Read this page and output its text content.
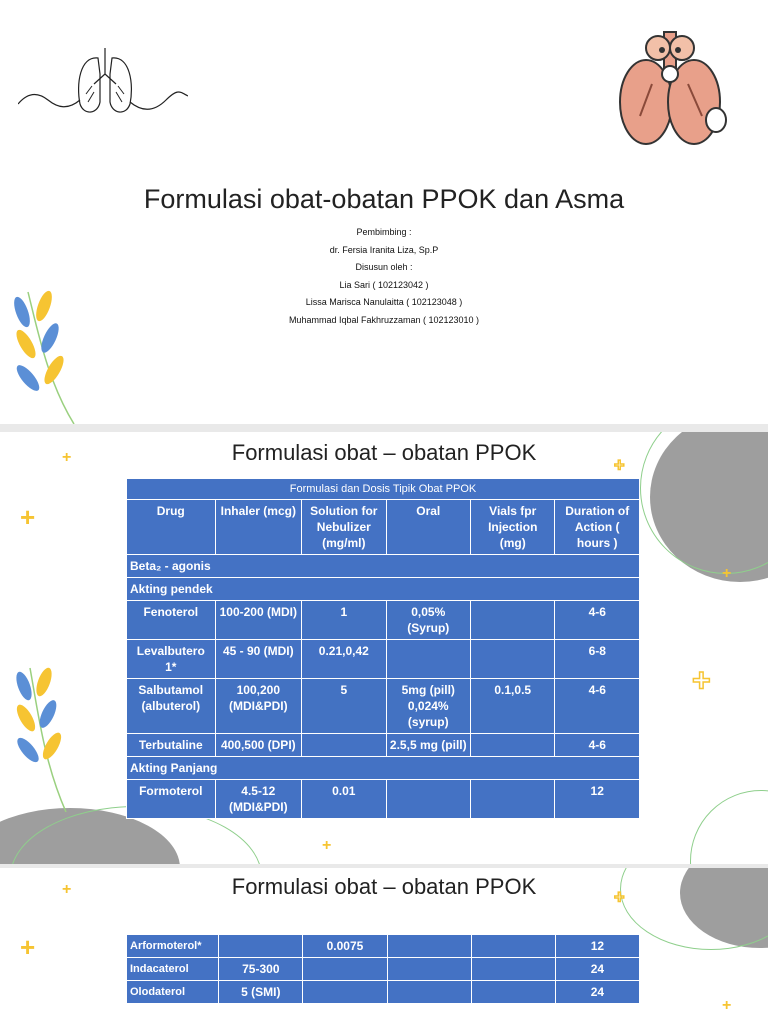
Formulasi obat-obatan PPOK dan Asma
Pembimbing :
dr. Fersia Iranita Liza, Sp.P
Disusun oleh :
Lia Sari ( 102123042 )
Lissa Marisca Nanulaitta ( 102123048 )
Muhammad Iqbal Fakhruzzaman ( 102123010 )
+
+
+
+
+
+
Formulasi obat – obatan PPOK
Formulasi dan Dosis Tipik Obat PPOK					
Drug	Inhaler (mcg)	Solution for Nebulizer (mg/ml)	Oral	Vials fpr Injection (mg)	Duration of Action ( hours )
Beta₂ - agonis					
Akting pendek					
Fenoterol	100-200 (MDI)	1	0,05% (Syrup)		4-6
Levalbutero 1*	45 - 90 (MDI)	0.21,0,42			6-8
Salbutamol (albuterol)	100,200 (MDI&PDI)	5	5mg (pill) 0,024% (syrup)	0.1,0.5	4-6
Terbutaline	400,500 (DPI)		2.5,5 mg (pill)		4-6
Akting Panjang					
Formoterol	4.5-12 (MDI&PDI)	0.01			12
+	+
+
+
Formulasi obat – obatan PPOK
Arformoterol*		0.0075			12
Indacaterol	75-300				24
Olodaterol	5 (SMI)				24
